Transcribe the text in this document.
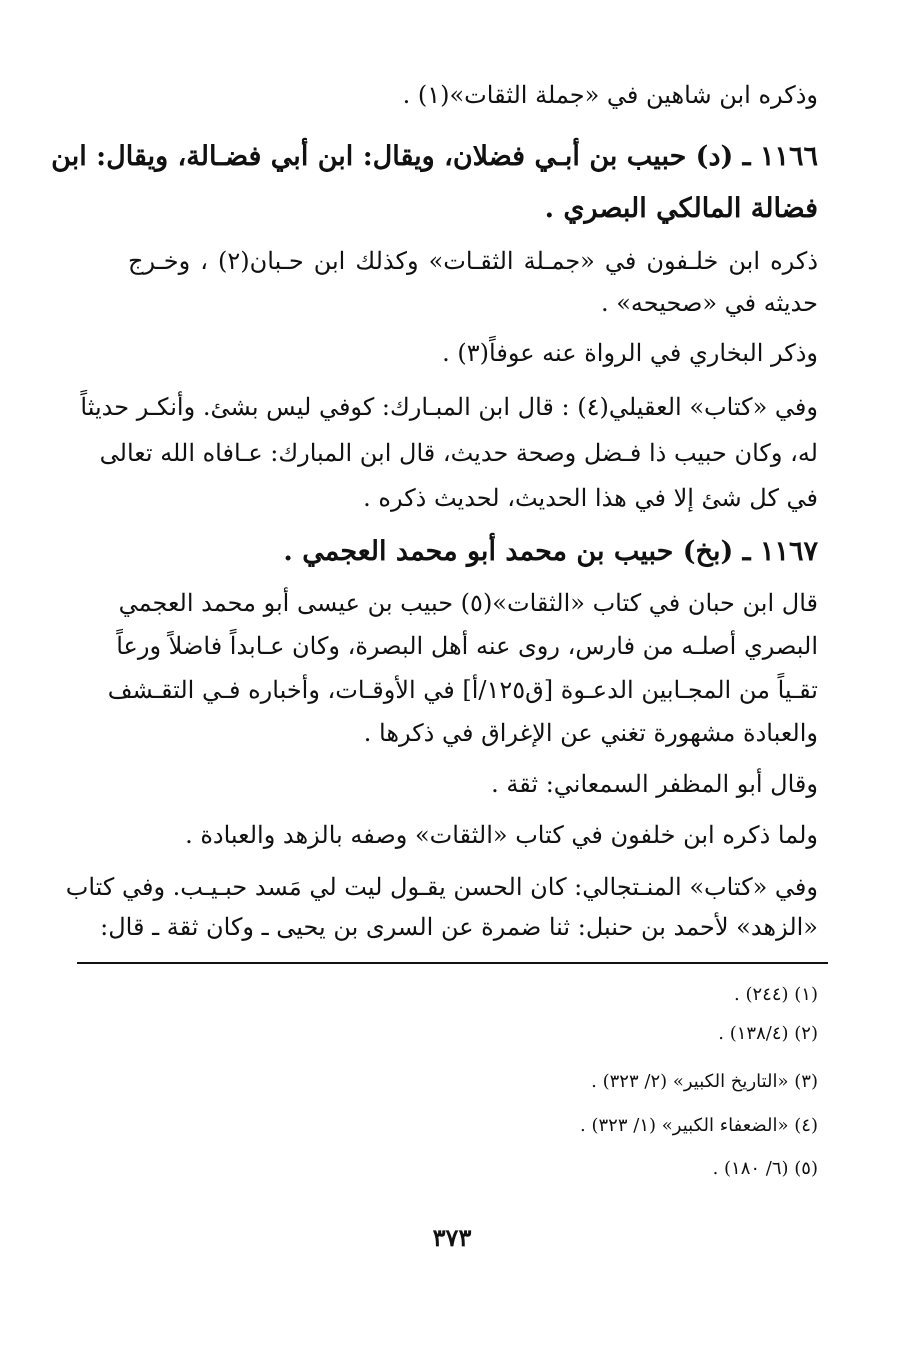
وذكره ابن شاهين في «جملة الثقات»(١) .
١١٦٦ ـ (د) حبيب بن أبـي فضلان، ويقال: ابن أبي فضـالة، ويقال: ابن
فضالة المالكي البصري .
ذكره ابن خلـفون في «جمـلة الثقـات» وكذلك ابن حـبان(٢) ، وخـرج
حديثه في «صحيحه» .
وذكر البخاري في الرواة عنه عوفاً(٣) .
وفي «كتاب» العقيلي(٤) : قال ابن المبـارك: كوفي ليس بشئ. وأنكـر حديثاً
له، وكان حبيب ذا فـضل وصحة حديث، قال ابن المبارك: عـافاه الله تعالى
في كل شئ إلا في هذا الحديث، لحديث ذكره .
١١٦٧ ـ (بخ) حبيب بن محمد أبو محمد العجمي .
قال ابن حبان في كتاب «الثقات»(٥) حبيب بن عيسى أبو محمد العجمي
البصري أصلـه من فارس، روى عنه أهل البصرة، وكان عـابداً فاضلاً ورعاً
تقـياً من المجـابين الدعـوة [ق١٢٥/أ] في الأوقـات، وأخباره فـي التقـشف
والعبادة مشهورة تغني عن الإغراق في ذكرها .
وقال أبو المظفر السمعاني: ثقة .
ولما ذكره ابن خلفون في كتاب «الثقات» وصفه بالزهد والعبادة .
وفي «كتاب» المنـتجالي: كان الحسن يقـول ليت لي مَسد حبـيـب. وفي كتاب
«الزهد» لأحمد بن حنبل: ثنا ضمرة عن السرى بن يحيى ـ وكان ثقة ـ قال:
(١) (٢٤٤) .
(٢) (١٣٨/٤) .
(٣) «التاريخ الكبير» (٢/ ٣٢٣) .
(٤) «الضعفاء الكبير» (١/ ٣٢٣) .
(٥) (٦/ ١٨٠) .
٣٧٣
